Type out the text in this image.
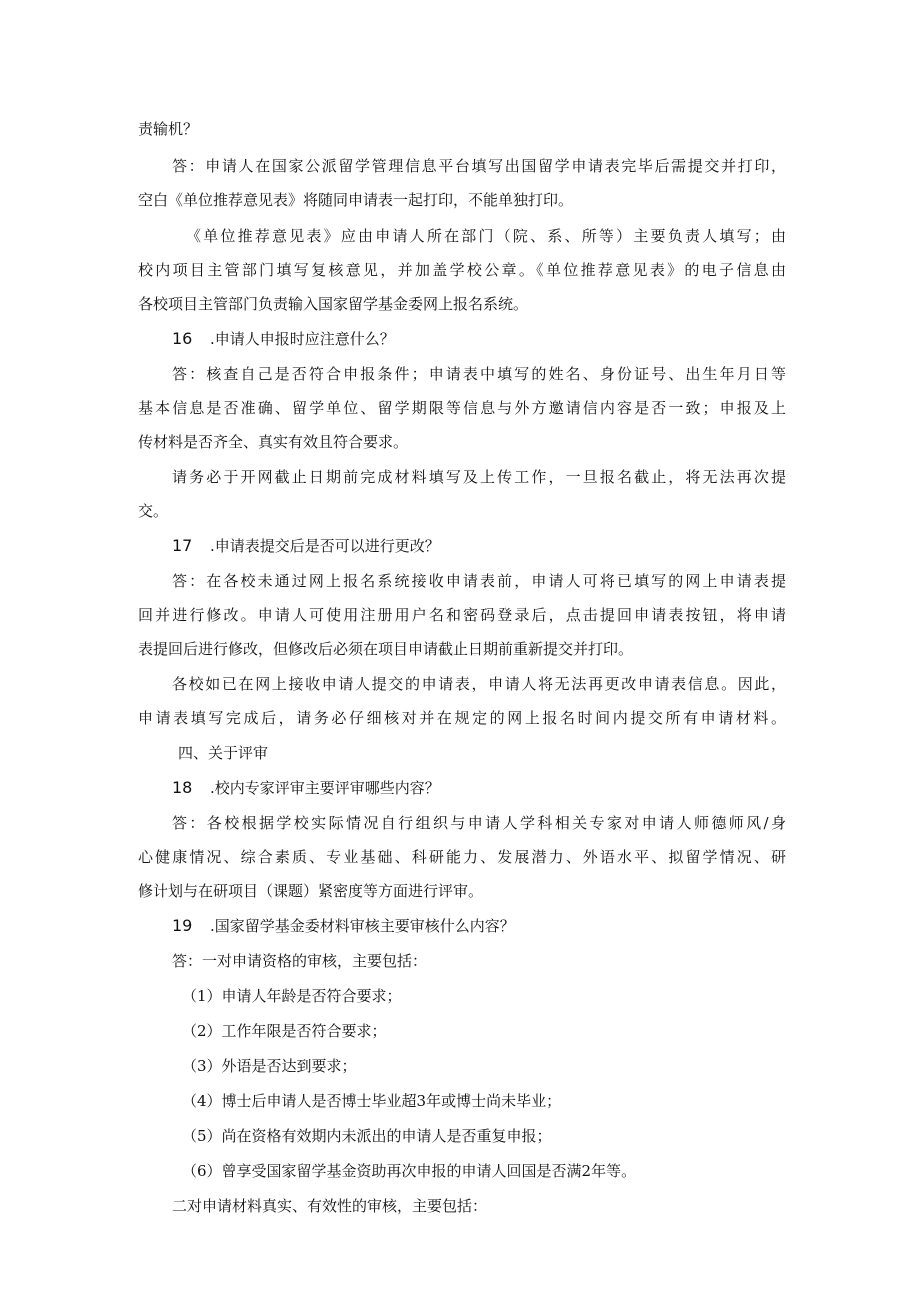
责输机？
答：申请人在国家公派留学管理信息平台填写出国留学申请表完毕后需提交并打印，
空白《单位推荐意见表》将随同申请表一起打印，不能单独打印。
《单位推荐意见表》应由申请人所在部门（院、系、所等）主要负责人填写；由
校内项目主管部门填写复核意见，并加盖学校公章。《单位推荐意见表》的电子信息由
各校项目主管部门负责输入国家留学基金委网上报名系统。
16 .申请人申报时应注意什么？
答：核查自己是否符合申报条件；申请表中填写的姓名、身份证号、出生年月日等
基本信息是否准确、留学单位、留学期限等信息与外方邀请信内容是否一致；申报及上
传材料是否齐全、真实有效且符合要求。
请务必于开网截止日期前完成材料填写及上传工作，一旦报名截止，将无法再次提
交。
17 .申请表提交后是否可以进行更改？
答：在各校未通过网上报名系统接收申请表前，申请人可将已填写的网上申请表提
回并进行修改。申请人可使用注册用户名和密码登录后，点击提回申请表按钮，将申请
表提回后进行修改，但修改后必须在项目申请截止日期前重新提交并打印。
各校如已在网上接收申请人提交的申请表，申请人将无法再更改申请表信息。因此，
申请表填写完成后，请务必仔细核对并在规定的网上报名时间内提交所有申请材料。
四、关于评审
18 .校内专家评审主要评审哪些内容？
答：各校根据学校实际情况自行组织与申请人学科相关专家对申请人师德师风/身
心健康情况、综合素质、专业基础、科研能力、发展潜力、外语水平、拟留学情况、研
修计划与在研项目（课题）紧密度等方面进行评审。
19 .国家留学基金委材料审核主要审核什么内容？
答：一对申请资格的审核，主要包括：
（1）申请人年龄是否符合要求；
（2）工作年限是否符合要求；
（3）外语是否达到要求；
（4）博士后申请人是否博士毕业超3年或博士尚未毕业；
（5）尚在资格有效期内未派出的申请人是否重复申报；
（6）曾享受国家留学基金资助再次申报的申请人回国是否满2年等。
二对申请材料真实、有效性的审核，主要包括：
